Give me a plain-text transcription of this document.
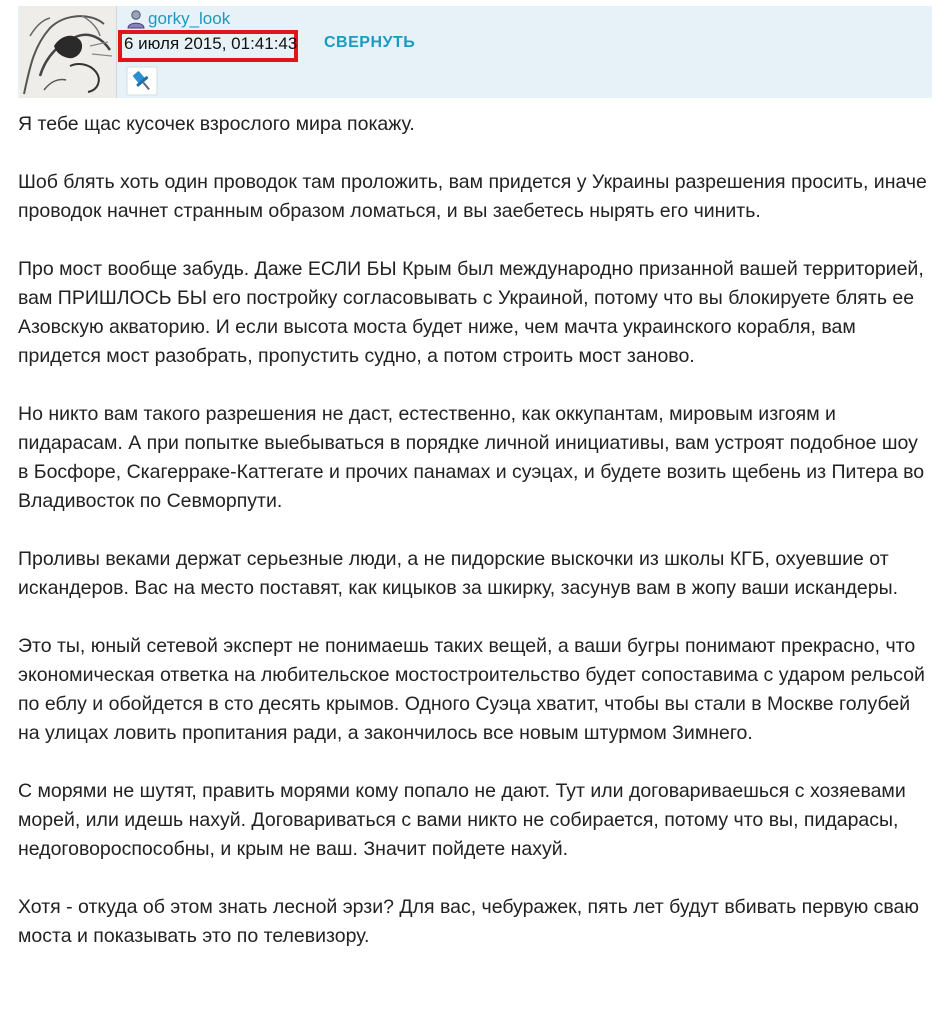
gorky_look
6 июля 2015, 01:41:43 СВЕРНУТЬ

Я тебе щас кусочек взрослого мира покажу.

Шоб блять хоть один проводок там проложить, вам придется у Украины разрешения просить, иначе проводок начнет странным образом ломаться, и вы заебетесь нырять его чинить.

Про мост вообще забудь. Даже ЕСЛИ БЫ Крым был международно призанной вашей территорией, вам ПРИШЛОСЬ БЫ его постройку согласовывать с Украиной, потому что вы блокируете блять ее Азовскую акваторию. И если высота моста будет ниже, чем мачта украинского корабля, вам придется мост разобрать, пропустить судно, а потом строить мост заново.

Но никто вам такого разрешения не даст, естественно, как оккупантам, мировым изгоям и пидарасам. А при попытке выебываться в порядке личной инициативы, вам устроят подобное шоу в Босфоре, Скагерраке-Каттегате и прочих панамах и суэцах, и будете возить щебень из Питера во Владивосток по Севморпути.

Проливы веками держат серьезные люди, а не пидорские выскочки из школы КГБ, охуевшие от искандеров. Вас на место поставят, как кицыков за шкирку, засунув вам в жопу ваши искандеры.

Это ты, юный сетевой эксперт не понимаешь таких вещей, а ваши бугры понимают прекрасно, что экономическая ответка на любительское мостостроительство будет сопоставима с ударом рельсой по еблу и обойдется в сто десять крымов. Одного Суэца хватит, чтобы вы стали в Москве голубей на улицах ловить пропитания ради, а закончилось все новым штурмом Зимнего.

С морями не шутят, править морями кому попало не дают. Тут или договариваешься с хозяевами морей, или идешь нахуй. Договариваться с вами никто не собирается, потому что вы, пидарасы, недоговороспособны, и крым не ваш. Значит пойдете нахуй.

Хотя - откуда об этом знать лесной эрзи? Для вас, чебуражек, пять лет будут вбивать первую сваю моста и показывать это по телевизору.
